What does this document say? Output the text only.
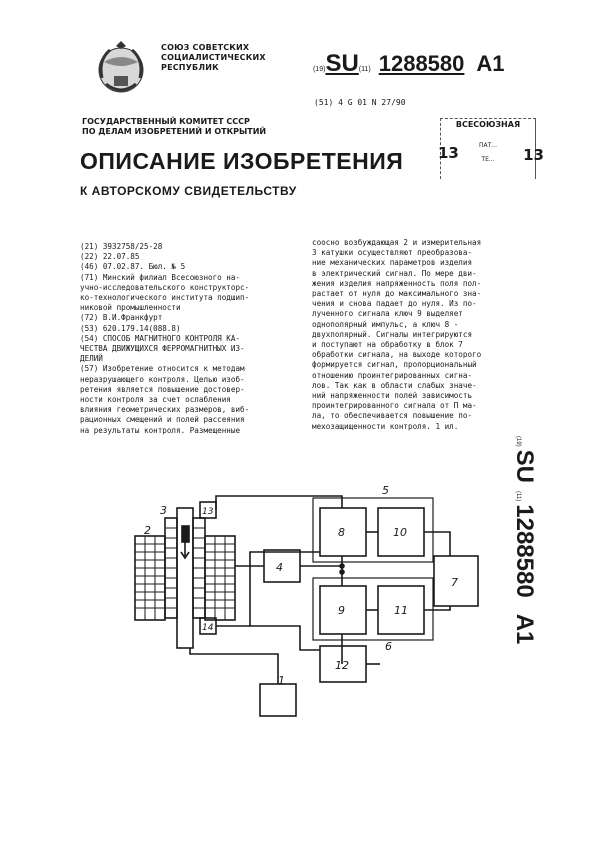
СОЮЗ СОВЕТСКИХ
СОЦИАЛИСТИЧЕСКИХ
РЕСПУБЛИК	(19) SU (11) 1288580 A1
(51) 4 G 01 N 27/90
ГОСУДАРСТВЕННЫЙ КОМИТЕТ СССР
ПО ДЕЛАМ ИЗОБРЕТЕНИЙ И ОТКРЫТИЙ
ВСЕСОЮЗНАЯ
ПАТ...
ТЕ...
13	13
ОПИСАНИЕ ИЗОБРЕТЕНИЯ
К АВТОРСКОМУ СВИДЕТЕЛЬСТВУ
(21) 3932758/25-28
(22) 22.07.85
(46) 07.02.87. Бюл. № 5
(71) Минский филиал Всесоюзного на-
учно-исследовательского конструкторс-
ко-технологического института подшип-
никовой промышленности
(72) В.И.Франкфурт
(53) 620.179.14(088.8)
(54) СПОСОБ МАГНИТНОГО КОНТРОЛЯ КА-
ЧЕСТВА ДВИЖУЩИХСЯ ФЕРРОМАГНИТНЫХ ИЗ-
ДЕЛИЙ
(57) Изобретение относится к методам
неразрушающего контроля. Целью изоб-
ретения является повышение достовер-
ности контроля за счет ослабления
влияния геометрических размеров, виб-
рационных смещений и полей рассеяния
на результаты контроля. Размещенные
соосно возбуждающая 2 и измерительная
3 катушки осуществляют преобразова-
ние механических параметров изделия
в электрический сигнал. По мере дви-
жения изделия напряженность поля пол-
растает от нуля до максимального зна-
чения и снова падает до нуля. Из по-
лученного сигнала ключ 9 выделяет
однополярный импульс, а ключ 8 -
двухполярный. Сигналы интегрируются
и поступают на обработку в блок 7
обработки сигнала, на выходе которого
формируется сигнал, пропорциональный
отношению проинтегрированных сигна-
лов. Так как в области слабых значе-
ний напряженности полей зависимость
проинтегрированного сигнала от П ма-
ла, то обеспечивается повышение по-
мехозащищенности контроля. 1 ил.
(19)
SU
(11)
1288580
A1
1
2
3
4
5
6
7
8	10
9	11
12
13
14
